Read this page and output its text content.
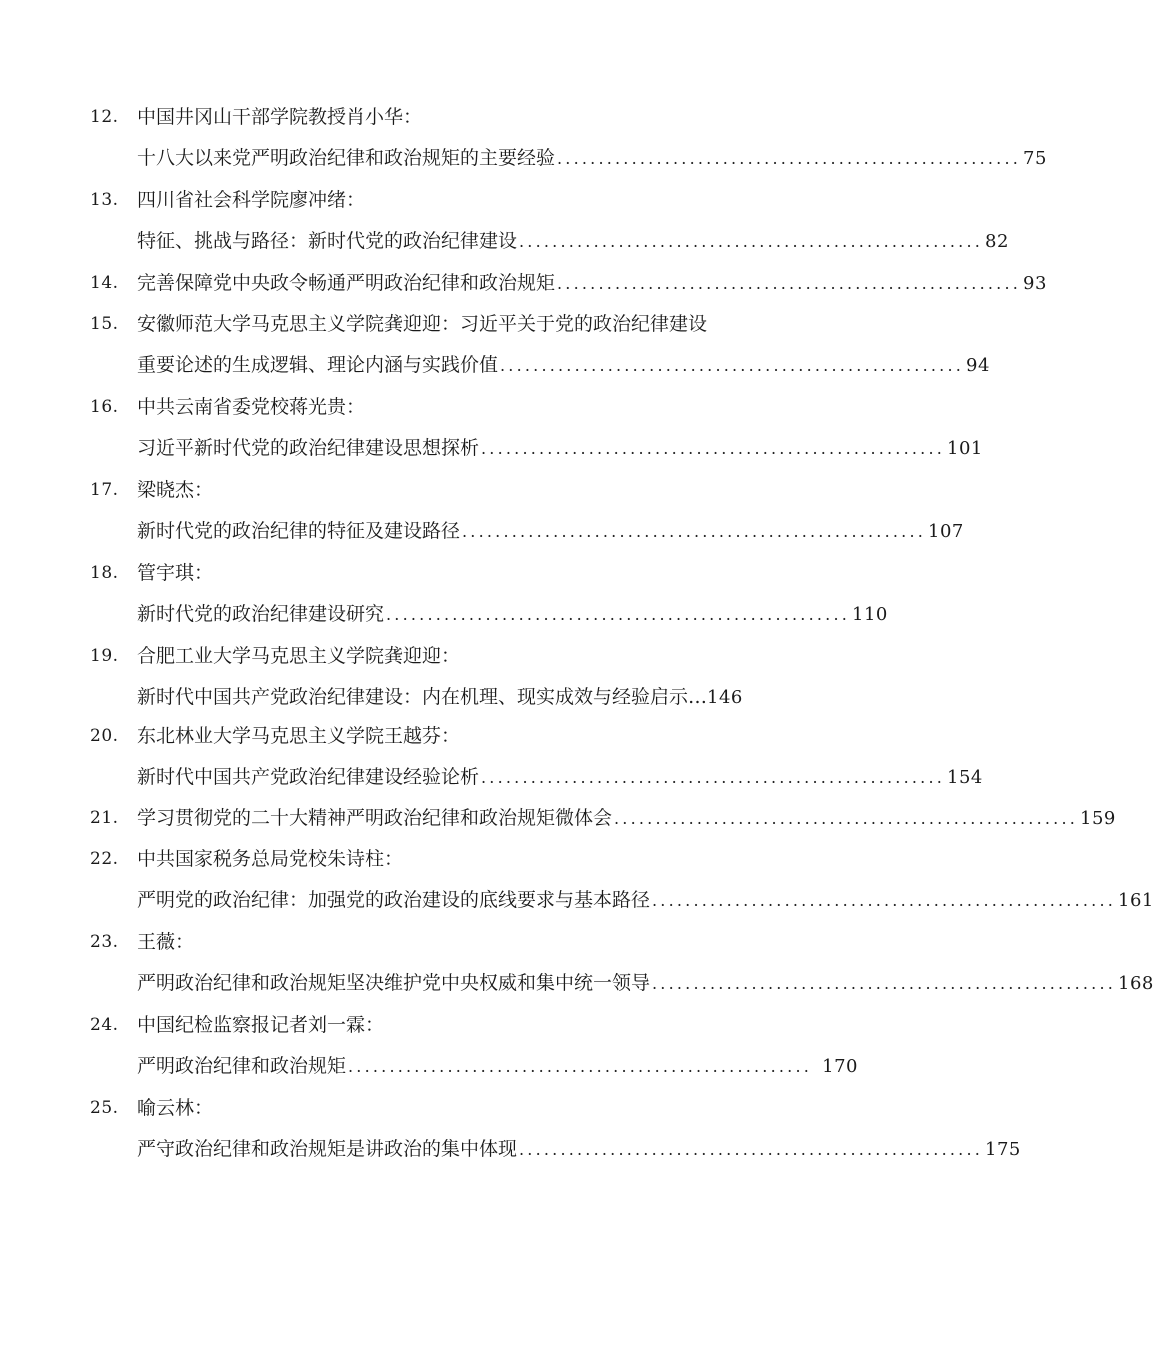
12. 中国井冈山干部学院教授肖小华：
十八大以来党严明政治纪律和政治规矩的主要经验 ........................................................ 75
13. 四川省社会科学院廖冲绪：
特征、挑战与路径：新时代党的政治纪律建设 ........................................................ 82
14. 完善保障党中央政令畅通严明政治纪律和政治规矩 ........................................................ 93
15. 安徽师范大学马克思主义学院龚迎迎：习近平关于党的政治纪律建设
重要论述的生成逻辑、理论内涵与实践价值 ........................................................ 94
16. 中共云南省委党校蒋光贵：
习近平新时代党的政治纪律建设思想探析 ........................................................ 101
17. 梁晓杰：
新时代党的政治纪律的特征及建设路径 ........................................................ 107
18. 管宇琪：
新时代党的政治纪律建设研究 ........................................................ 110
19. 合肥工业大学马克思主义学院龚迎迎：
新时代中国共产党政治纪律建设：内在机理、现实成效与经验启示… 146
20. 东北林业大学马克思主义学院王越芬：
新时代中国共产党政治纪律建设经验论析 ........................................................ 154
21. 学习贯彻党的二十大精神严明政治纪律和政治规矩微体会 ........................................................ 159
22. 中共国家税务总局党校朱诗柱：
严明党的政治纪律：加强党的政治建设的底线要求与基本路径 ........................................................ 161
23. 王薇：
严明政治纪律和政治规矩坚决维护党中央权威和集中统一领导 ........................................................ 168
24. 中国纪检监察报记者刘一霖：
严明政治纪律和政治规矩 ........................................................ 170
25. 喻云林：
严守政治纪律和政治规矩是讲政治的集中体现 ........................................................ 175
